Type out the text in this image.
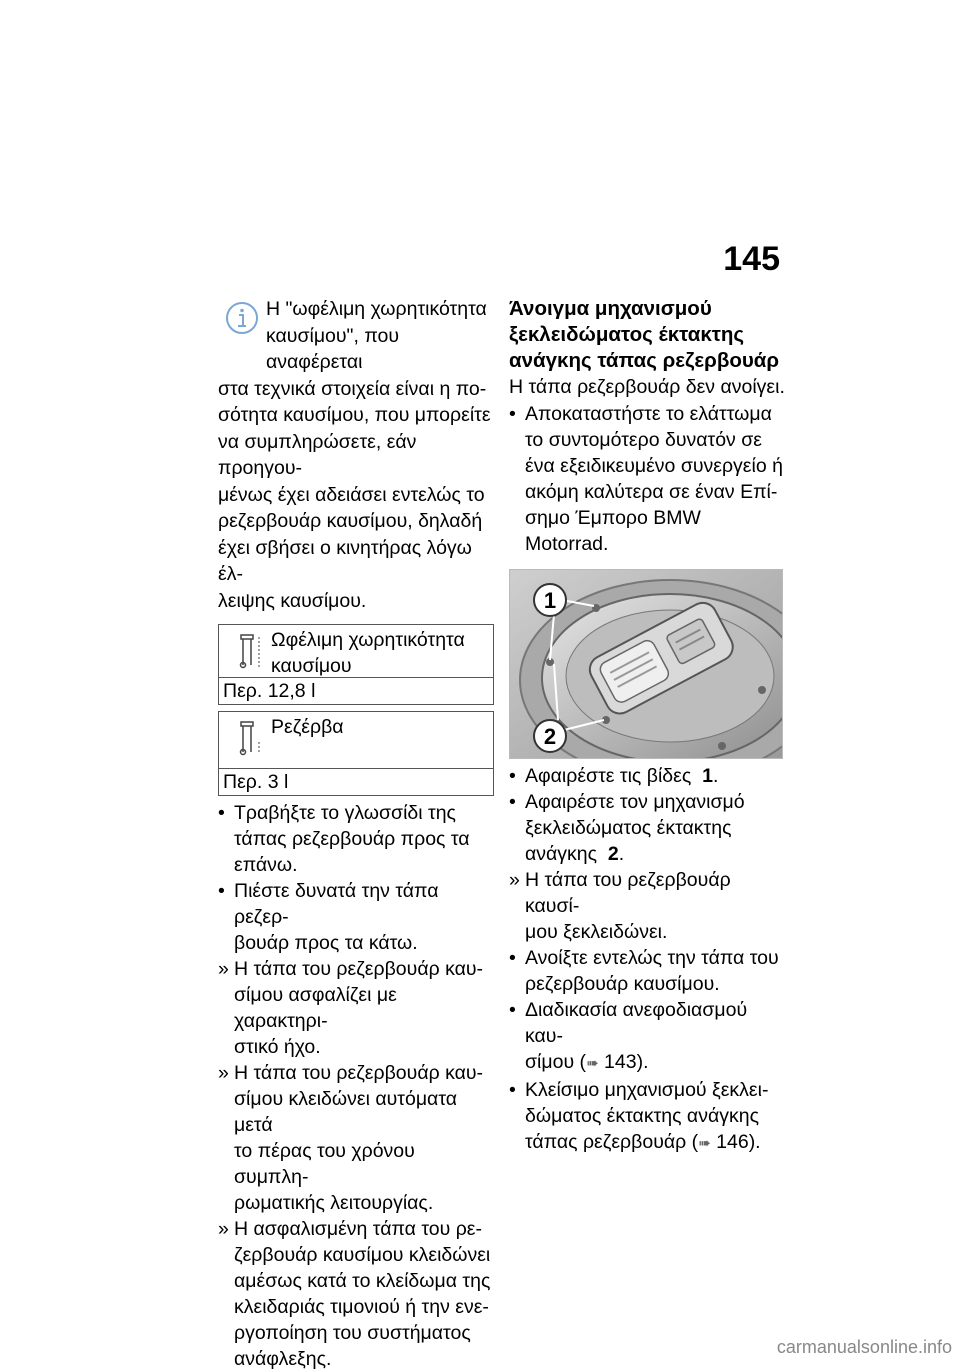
145

Η "ωφέλιμη χωρητικότητα

καυσίμου", που αναφέρεται

στα τεχνικά στοιχεία είναι η πο-

σότητα καυσίμου, που μπορείτε

να συμπληρώσετε, εάν προηγου-

μένως έχει αδειάσει εντελώς το

ρεζερβουάρ καυσίμου, δηλαδή

έχει σβήσει ο κινητήρας λόγω έλ-

λειψης καυσίμου.

Ωφέλιμη χωρητικότητα
καυσίμου
Περ. 12,8 l
Ρεζέρβα
Περ. 3 l
• Τραβήξτε το γλωσσίδι της
τάπας ρεζερβουάρ προς τα
επάνω.
• Πιέστε δυνατά την τάπα ρεζερ-
βουάρ προς τα κάτω.
» Η τάπα του ρεζερβουάρ καυ-
σίμου ασφαλίζει με χαρακτηρι-
στικό ήχο.
» Η τάπα του ρεζερβουάρ καυ-
σίμου κλειδώνει αυτόματα μετά
το πέρας του χρόνου συμπλη-
ρωματικής λειτουργίας.
» Η ασφαλισμένη τάπα του ρε-
ζερβουάρ καυσίμου κλειδώνει
αμέσως κατά το κλείδωμα της
κλειδαριάς τιμονιού ή την ενε-
ργοποίηση του συστήματος
ανάφλεξης.
Άνοιγμα μηχανισμού
ξεκλειδώματος έκτακτης
ανάγκης τάπας ρεζερβουάρ

Η τάπα ρεζερβουάρ δεν ανοίγει.

• Αποκαταστήστε το ελάττωμα
το συντομότερο δυνατόν σε
ένα εξειδικευμένο συνεργείο ή
ακόμη καλύτερα σε έναν Επί-
σημο Έμπορο BMW Motorrad.
1
2
• Αφαιρέστε τις βίδες 1.
• Αφαιρέστε τον μηχανισμό
ξεκλειδώματος έκτακτης
ανάγκης 2.
» Η τάπα του ρεζερβουάρ καυσί-
μου ξεκλειδώνει.
• Ανοίξτε εντελώς την τάπα του
ρεζερβουάρ καυσίμου.
• Διαδικασία ανεφοδιασμού καυ-
σίμου (➠ 143).
• Κλείσιμο μηχανισμού ξεκλει-
δώματος έκτακτης ανάγκης
τάπας ρεζερβουάρ (➠ 146).
carmanualsonline.info
